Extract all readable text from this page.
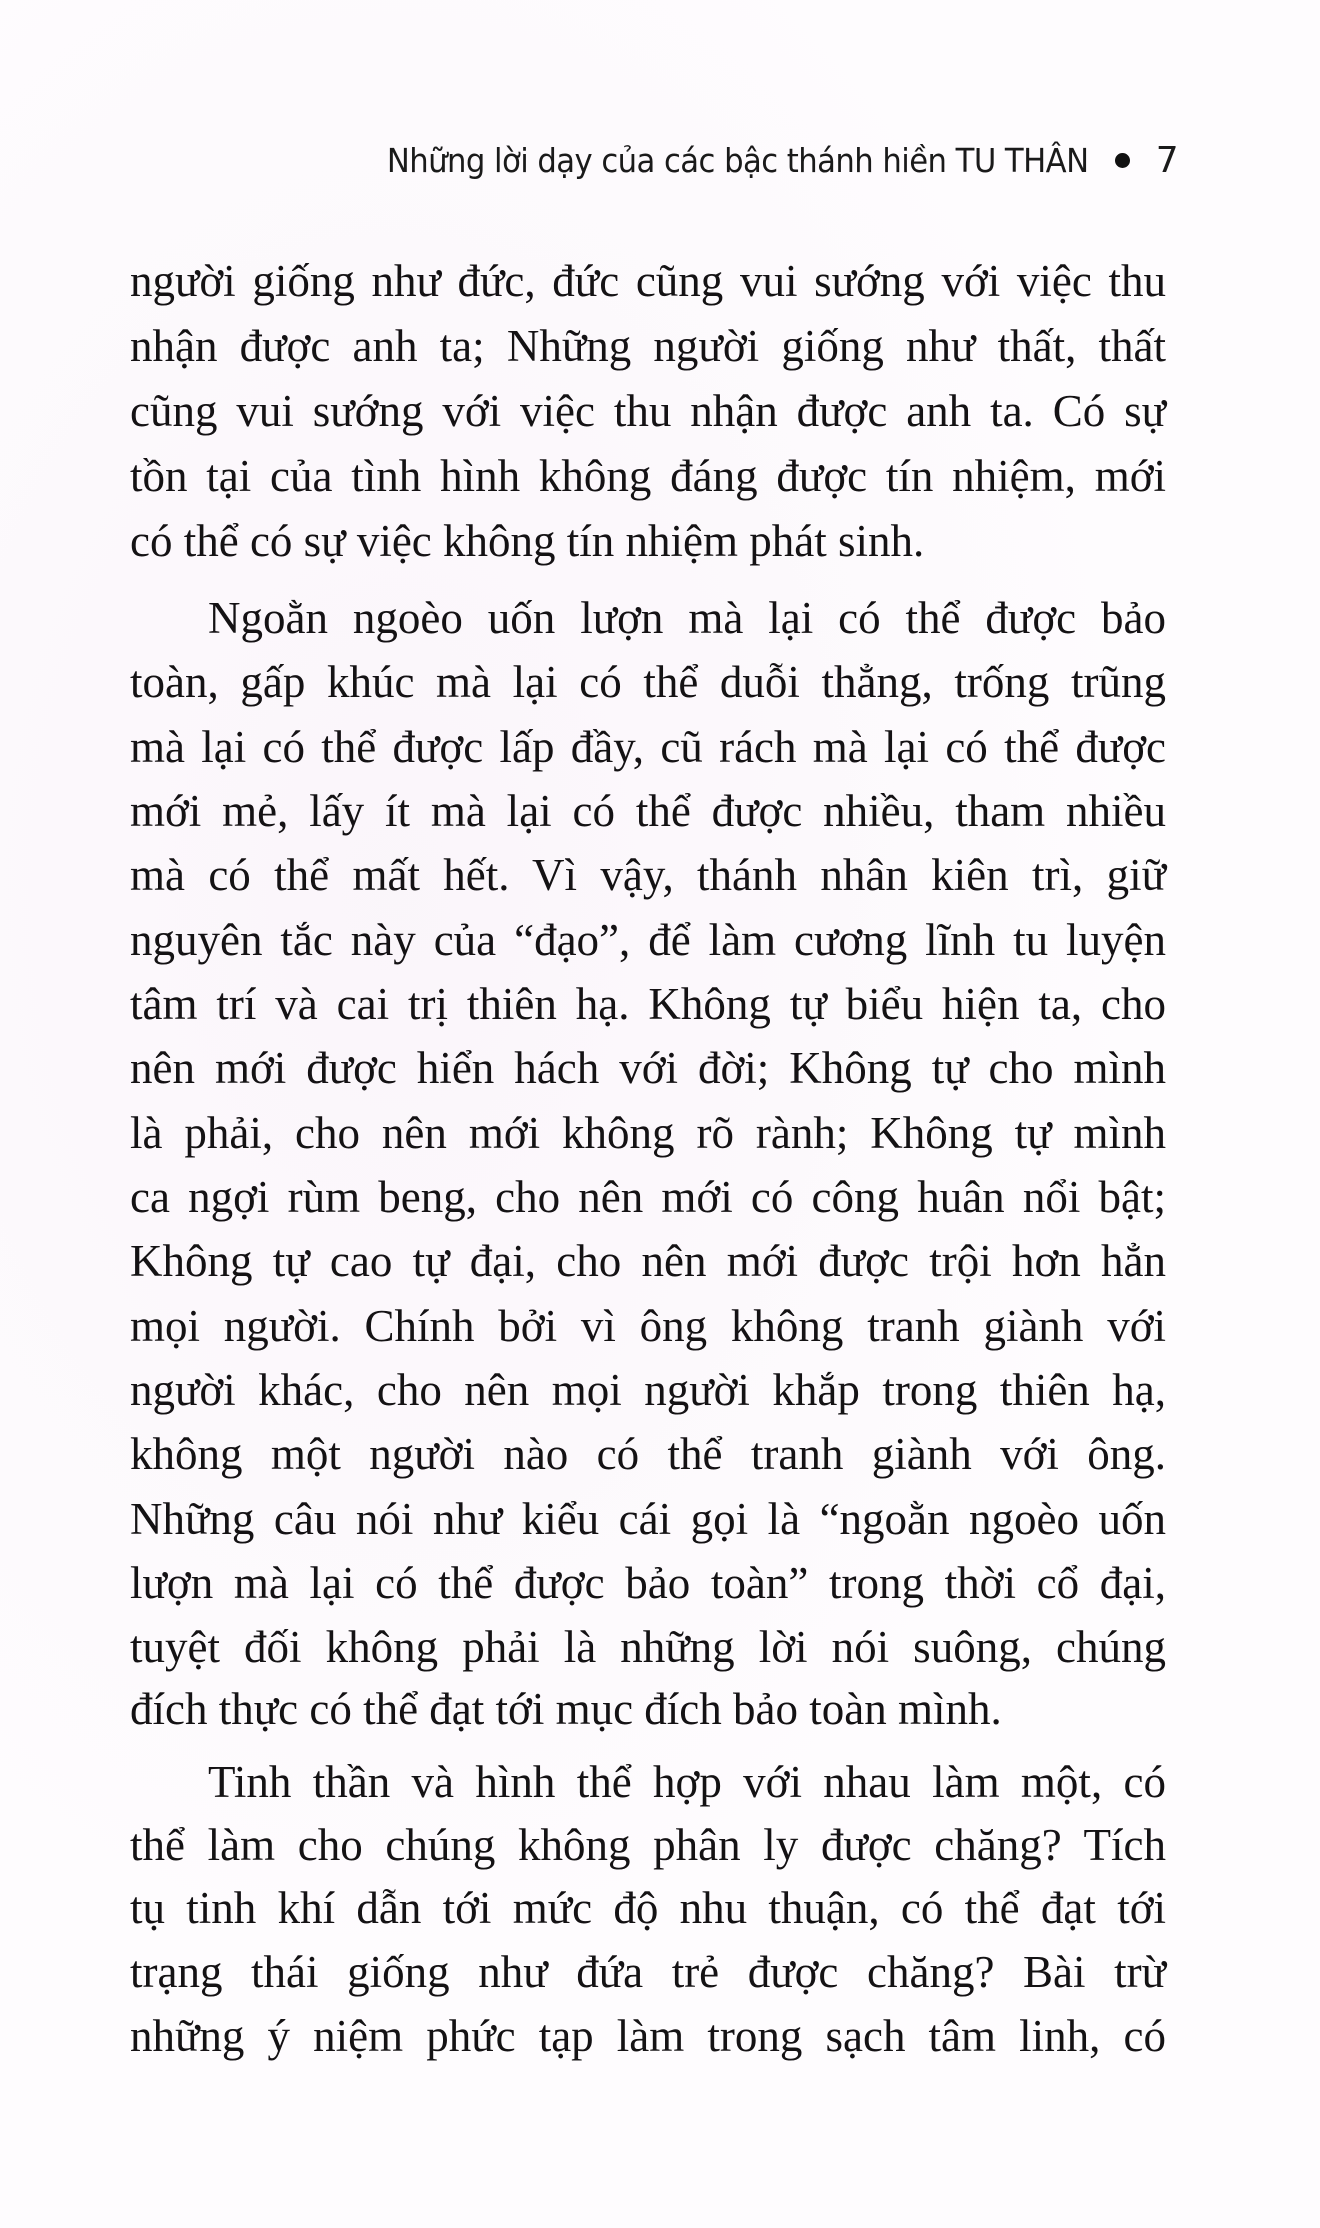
Những lời dạy của các bậc thánh hiền TU THÂN 7
người giống như đức, đức cũng vui sướng với việc thu
nhận được anh ta; Những người giống như thất, thất
cũng vui sướng với việc thu nhận được anh ta. Có sự
tồn tại của tình hình không đáng được tín nhiệm, mới
có thể có sự việc không tín nhiệm phát sinh.
Ngoằn ngoèo uốn lượn mà lại có thể được bảo
toàn, gấp khúc mà lại có thể duỗi thẳng, trống trũng
mà lại có thể được lấp đầy, cũ rách mà lại có thể được
mới mẻ, lấy ít mà lại có thể được nhiều, tham nhiều
mà có thể mất hết. Vì vậy, thánh nhân kiên trì, giữ
nguyên tắc này của “đạo”, để làm cương lĩnh tu luyện
tâm trí và cai trị thiên hạ. Không tự biểu hiện ta, cho
nên mới được hiển hách với đời; Không tự cho mình
là phải, cho nên mới không rõ rành; Không tự mình
ca ngợi rùm beng, cho nên mới có công huân nổi bật;
Không tự cao tự đại, cho nên mới được trội hơn hẳn
mọi người. Chính bởi vì ông không tranh giành với
người khác, cho nên mọi người khắp trong thiên hạ,
không một người nào có thể tranh giành với ông.
Những câu nói như kiểu cái gọi là “ngoằn ngoèo uốn
lượn mà lại có thể được bảo toàn” trong thời cổ đại,
tuyệt đối không phải là những lời nói suông, chúng
đích thực có thể đạt tới mục đích bảo toàn mình.
Tinh thần và hình thể hợp với nhau làm một, có
thể làm cho chúng không phân ly được chăng? Tích
tụ tinh khí dẫn tới mức độ nhu thuận, có thể đạt tới
trạng thái giống như đứa trẻ được chăng? Bài trừ
những ý niệm phức tạp làm trong sạch tâm linh, có
